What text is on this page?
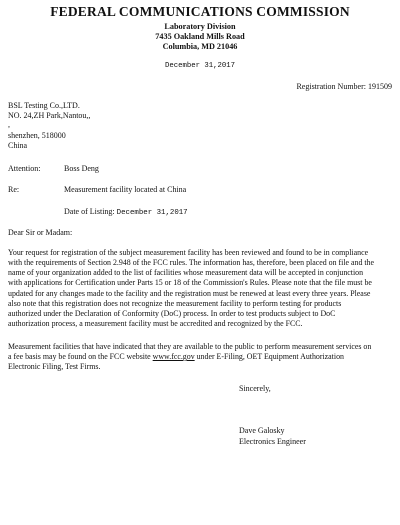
FEDERAL COMMUNICATIONS COMMISSION
Laboratory Division
7435 Oakland Mills Road
Columbia, MD 21046
December 31,2017
Registration Number: 191509
BSL Testing Co.,LTD.
NO. 24,ZH Park,Nantou,,
,
shenzhen, 518000
China
Attention:	Boss Deng
Re:	Measurement facility located at China
Date of Listing: December 31,2017
Dear Sir or Madam:

Your request for registration of the subject measurement facility has been reviewed and found to be in compliance

with the requirements of Section 2.948 of the FCC rules. The information has, therefore, been placed on file and the

name of your organization added to the list of facilities whose measurement data will be accepted in conjunction

with applications for Certification under Parts 15 or 18 of the Commission's Rules. Please note that the file must be

updated for any changes made to the facility and the registration must be renewed at least every three years. Please

also note that this registration does not recognize the measurement facility to perform testing for products

authorized under the Declaration of Conformity (DoC) process. In order to test products subject to DoC

authorization process, a measurement facility must be accredited and recognized by the FCC.

Measurement facilities that have indicated that they are available to the public to perform measurement services on

a fee basis may be found on the FCC website www.fcc.gov under E-Filing, OET Equipment Authorization

Electronic Filing, Test Firms.

Sincerely,
Dave Galosky
Electronics Engineer
